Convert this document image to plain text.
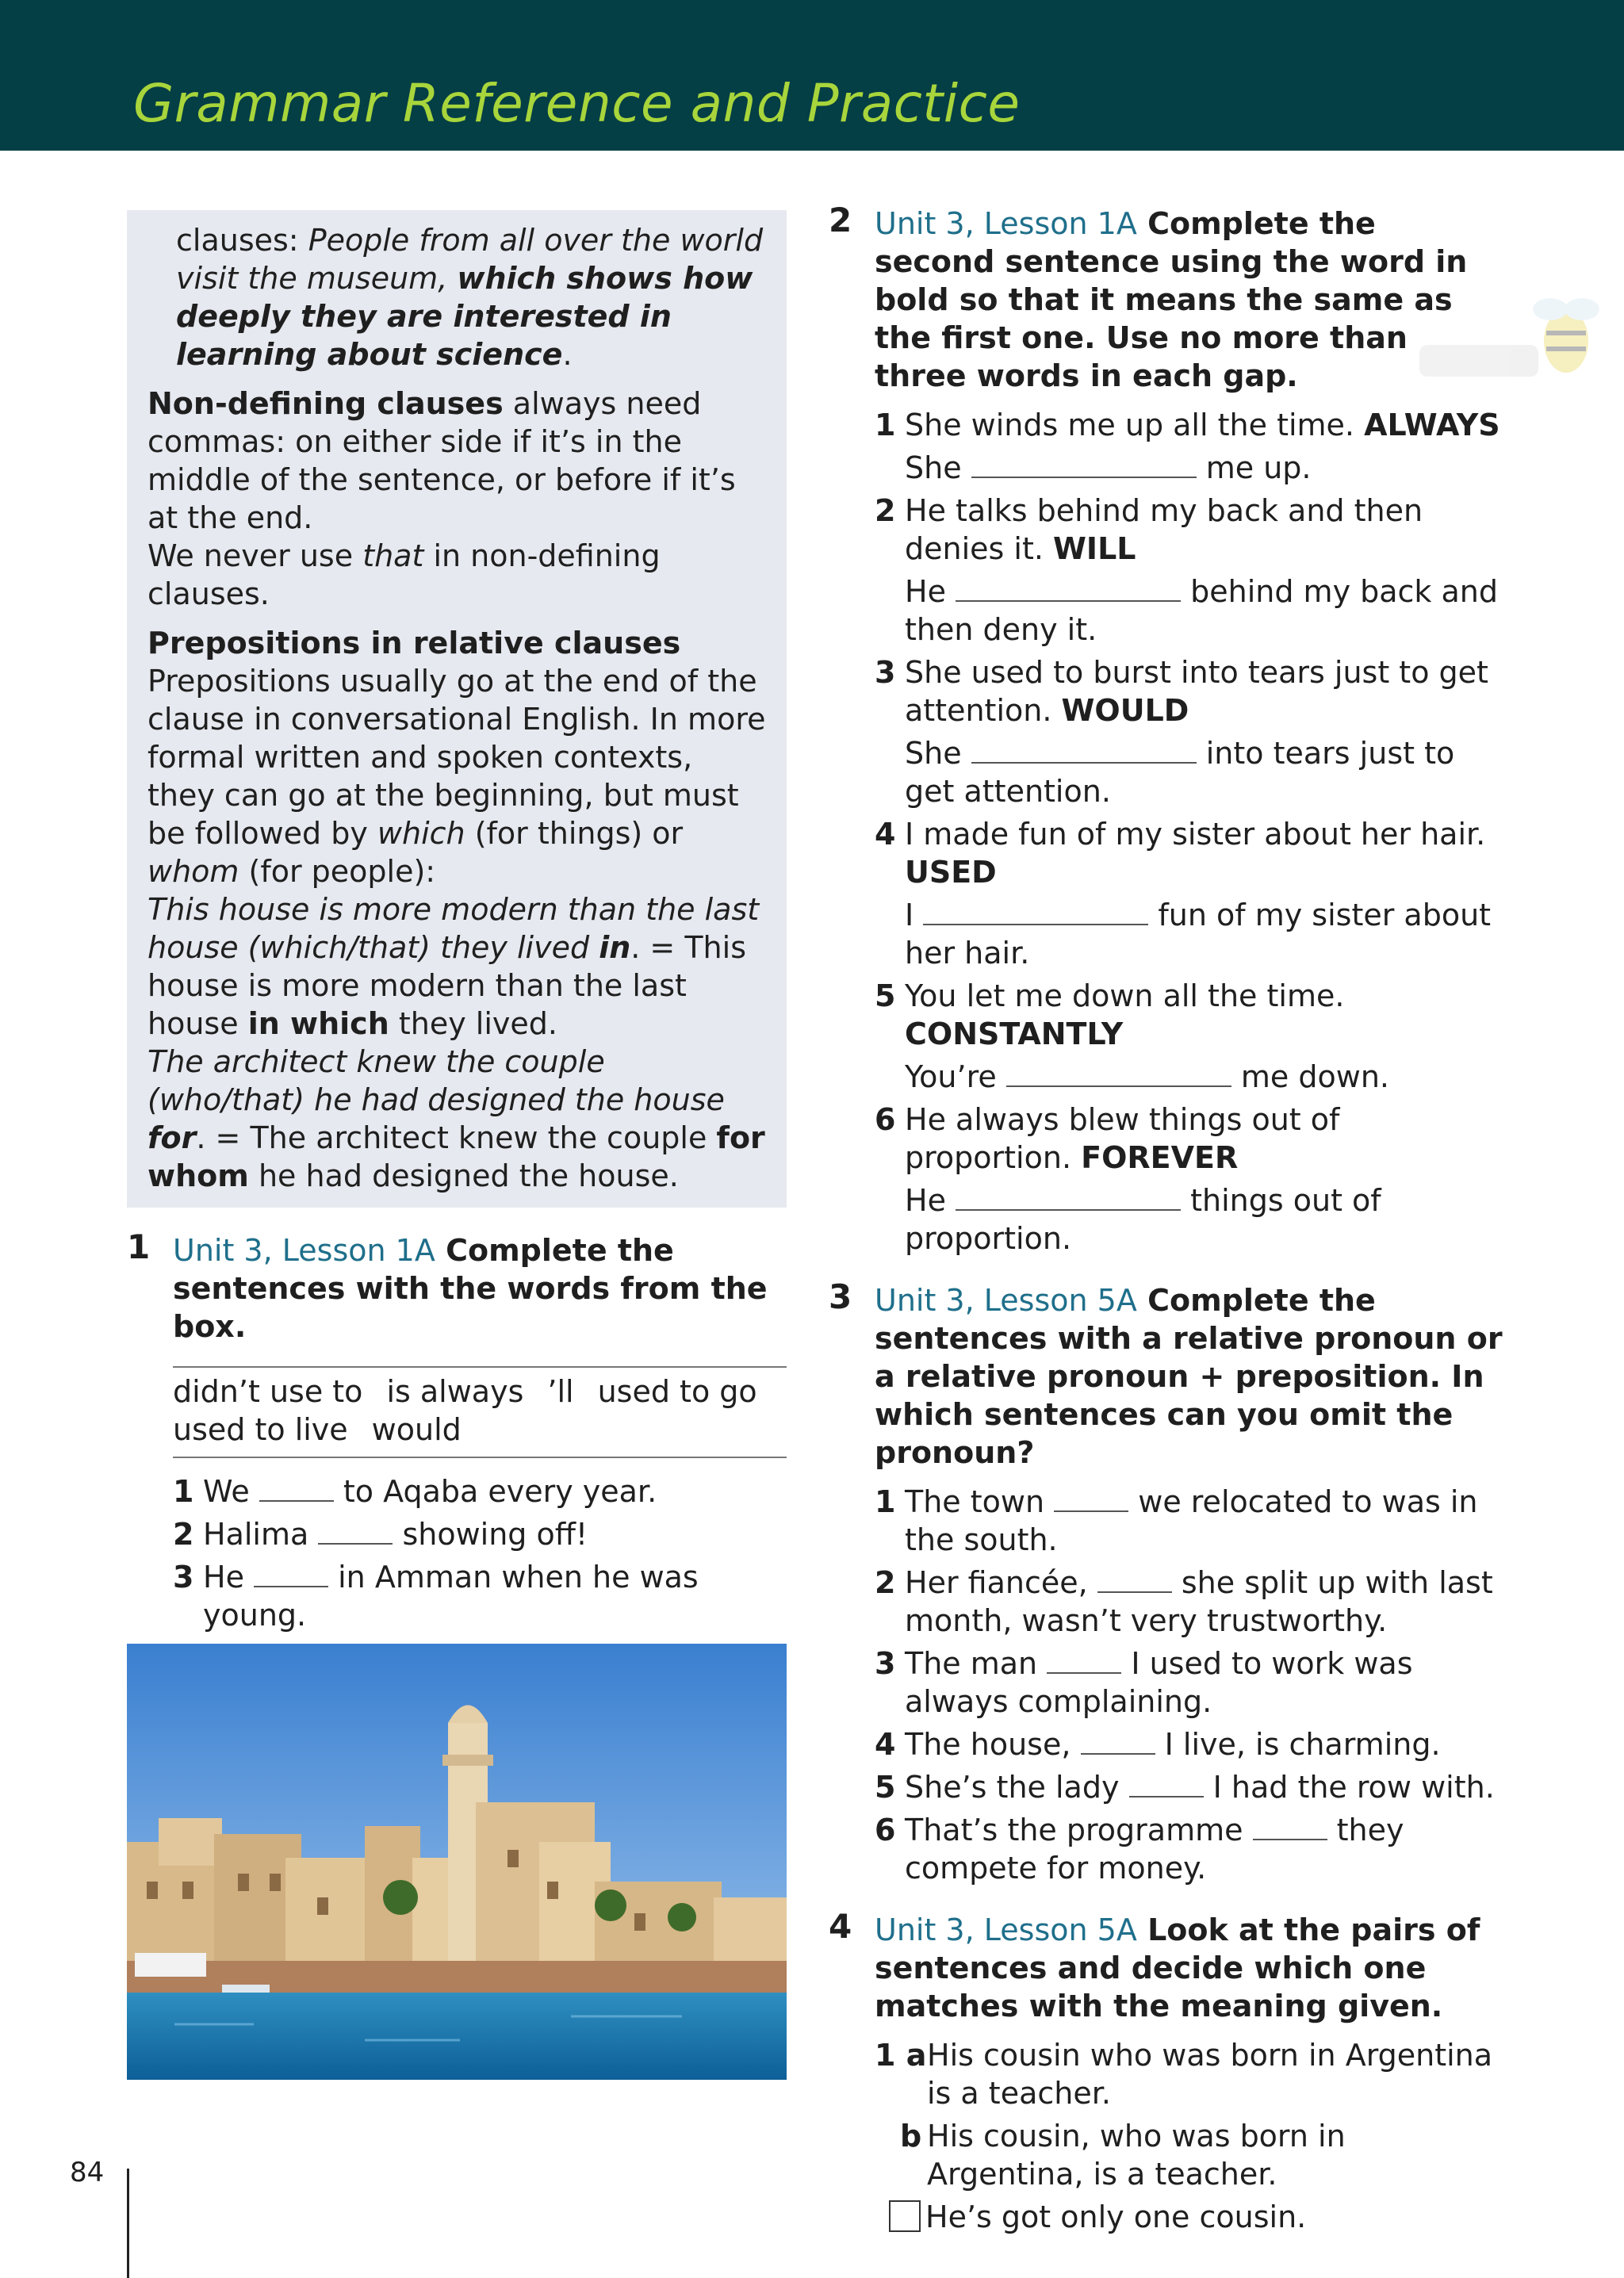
Grammar Reference and Practice

clauses: People from all over the world visit the museum, which shows how deeply they are interested in learning about science.

Non-defining clauses always need commas: on either side if it’s in the middle of the sentence, or before if it’s at the end.

We never use that in non-defining clauses.

Prepositions in relative clauses

Prepositions usually go at the end of the clause in conversational English. In more formal written and spoken contexts, they can go at the beginning, but must be followed by which (for things) or whom (for people):

This house is more modern than the last house (which/that) they lived in. = This house is more modern than the last house in which they lived.

The architect knew the couple (who/that) he had designed the house for. = The architect knew the couple for whom he had designed the house.

1 Unit 3, Lesson 1A Complete the sentences with the words from the box.
didn’t use to is always ’ll used to go
used to live would
1 We  to Aqaba every year.
2 Halima  showing off!
3 He  in Amman when he was young.
2 Unit 3, Lesson 1A Complete the second sentence using the word in bold so that it means the same as the first one. Use no more than three words in each gap.
1 She winds me up all the time. ALWAYS
She	me up.
2 He talks behind my back and then denies it. WILL
He	behind my back and then deny it.
3 She used to burst into tears just to get attention. WOULD
She	into tears just to get attention.
4 I made fun of my sister about her hair. USED
I	fun of my sister about her hair.
5 You let me down all the time. CONSTANTLY
You’re	me down.
6 He always blew things out of proportion. FOREVER
He	things out of proportion.
3 Unit 3, Lesson 5A Complete the sentences with a relative pronoun or a relative pronoun + preposition. In which sentences can you omit the pronoun?
1 The town  we relocated to was in the south.
2 Her fiancée,  she split up with last month, wasn’t very trustworthy.
3 The man  I used to work was always complaining.
4 The house,  I live, is charming.
5 She’s the lady  I had the row with.
6 That’s the programme  they compete for money.
4 Unit 3, Lesson 5A Look at the pairs of sentences and decide which one matches with the meaning given.
1 a His cousin who was born in Argentina is a teacher.
b His cousin, who was born in Argentina, is a teacher.
He’s got only one cousin.
84
